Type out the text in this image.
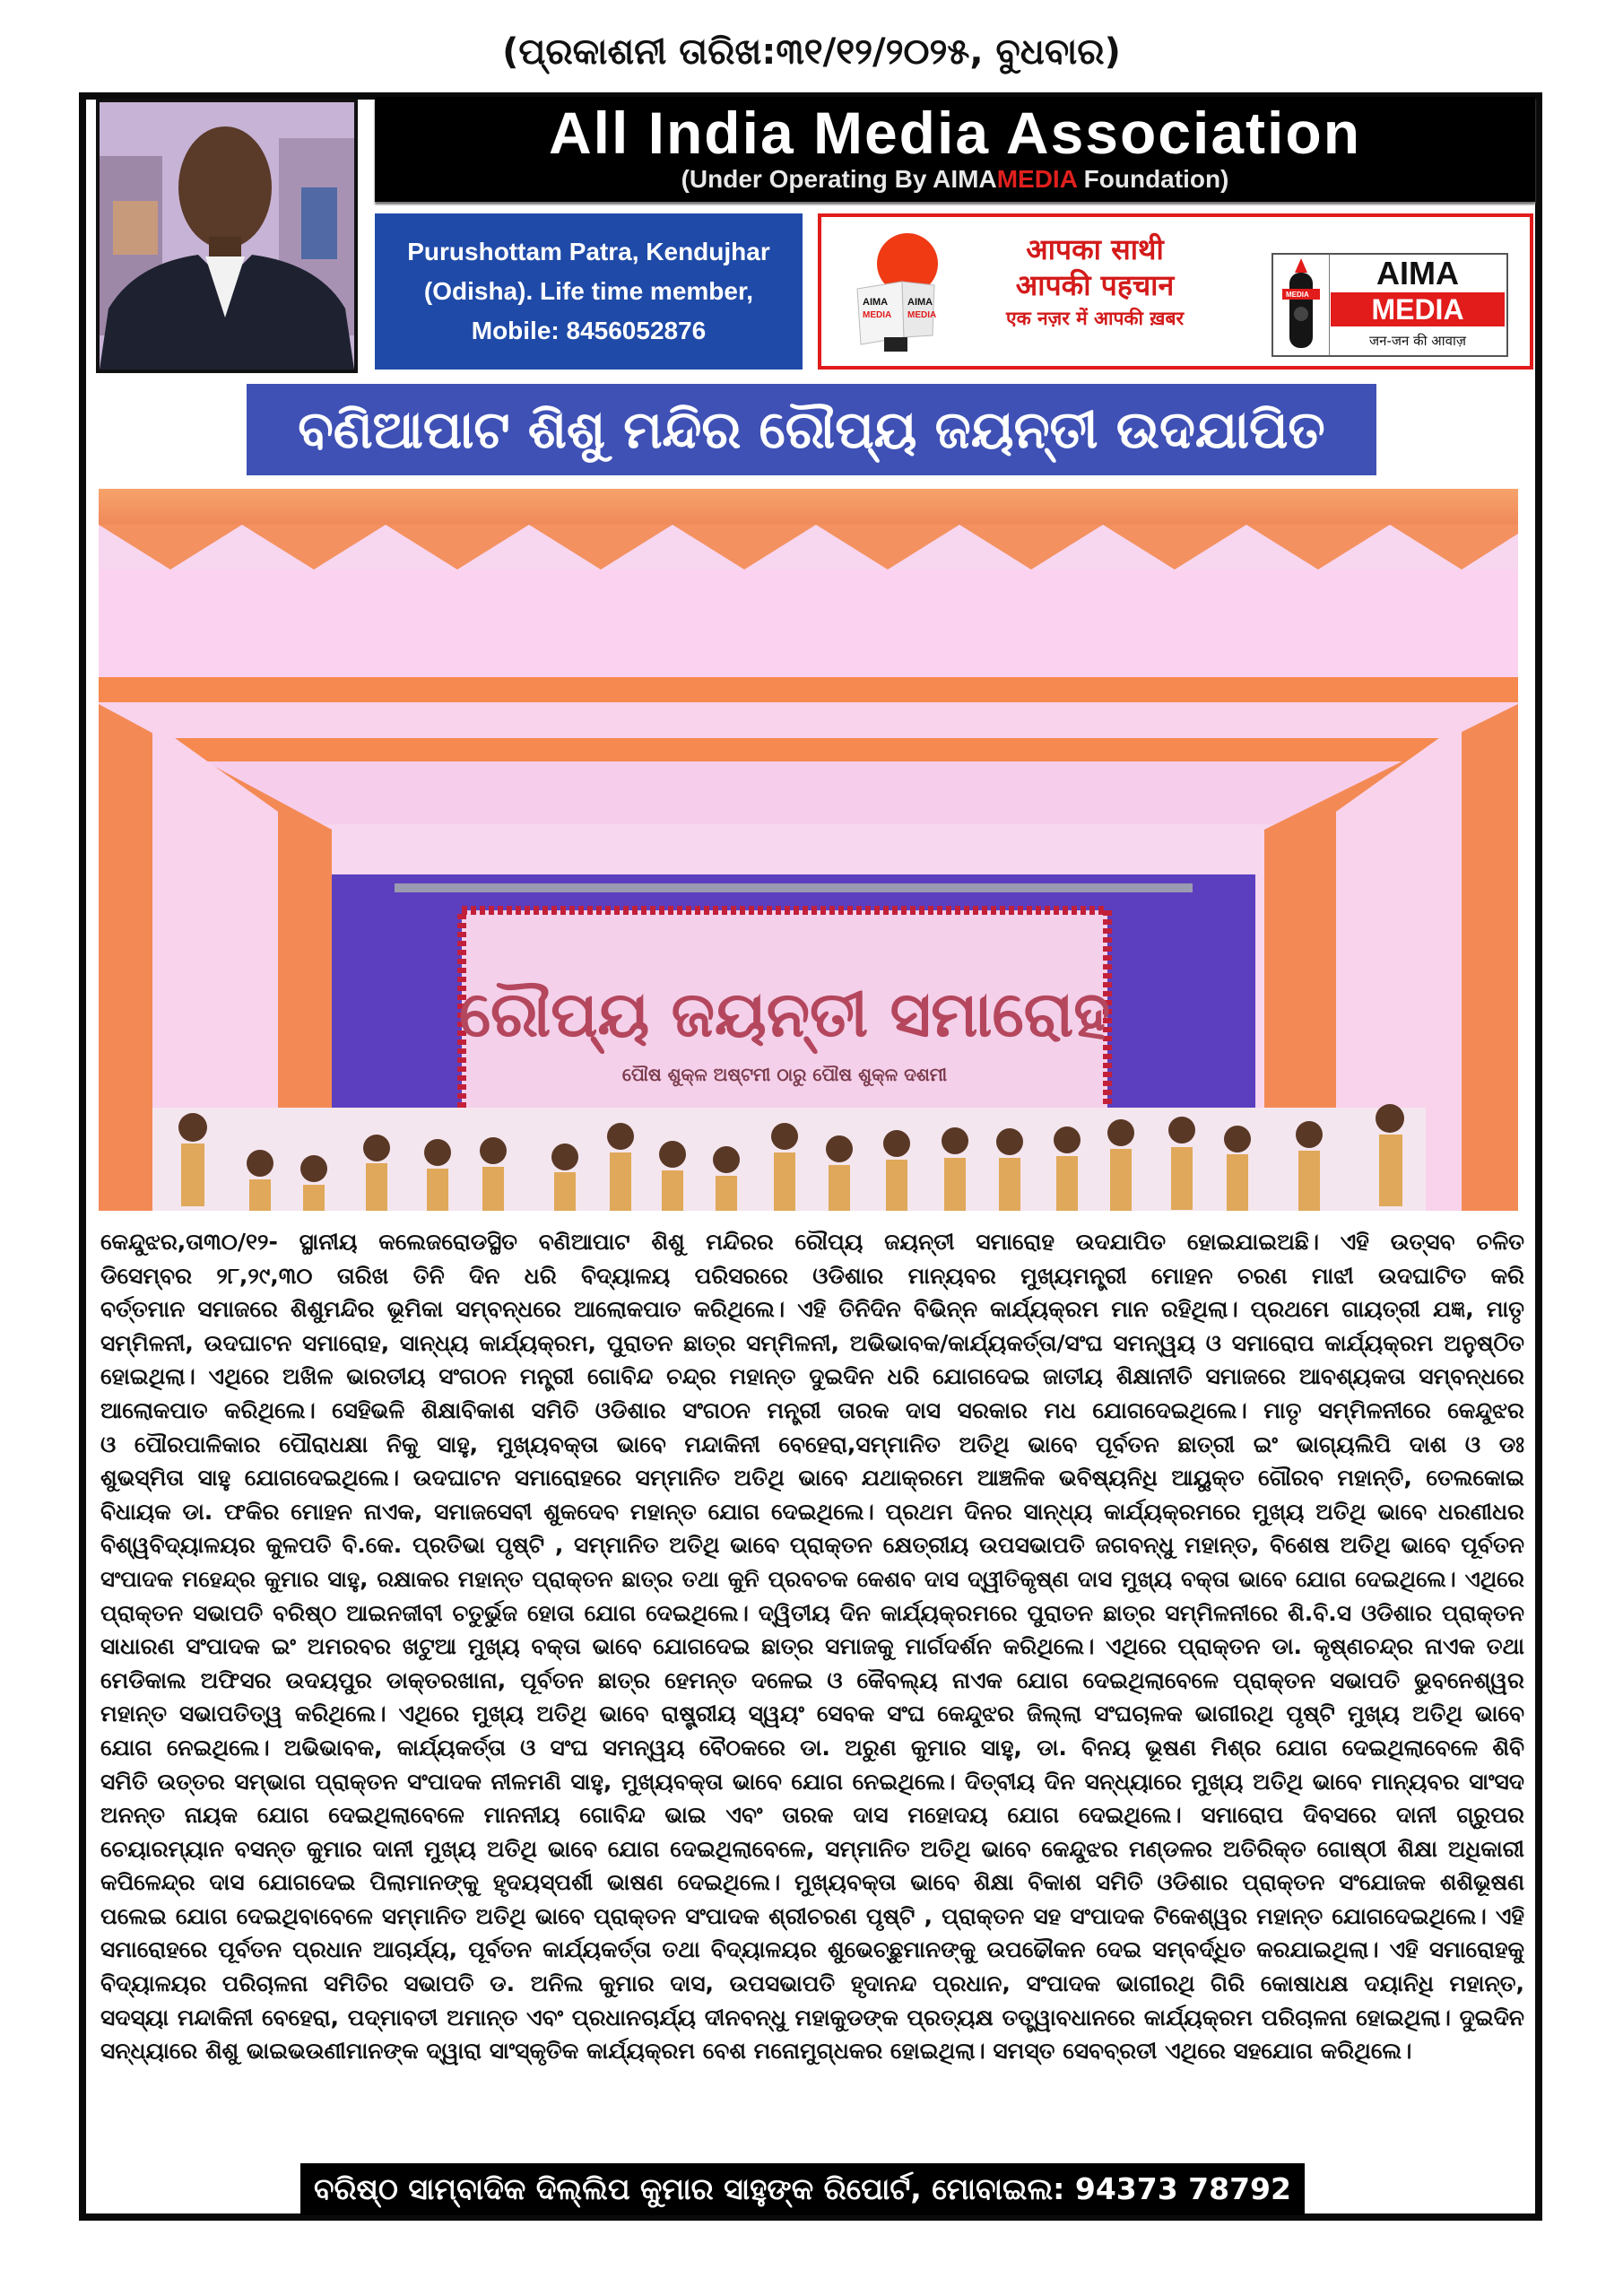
(ପ୍ରକାଶନୀ ତାରିଖ:୩୧/୧୨/୨୦୨୫, ବୁଧବାର)
All India Media Association
(Under Operating By AIMAMEDIA Foundation)
Purushottam Patra, Kendujhar
(Odisha). Life time member,
Mobile: 8456052876
AIMA
MEDIA
AIMA
MEDIA
आपका साथी
आपकी पहचान
एक नज़र में आपकी ख़बर
MEDIA
AIMA
MEDIA
जन-जन की आवाज़
ବଣିଆପାଟ ଶିଶୁ ମନ୍ଦିର ରୌପ୍ୟ ଜୟନ୍ତୀ ଉଦଯାପିତ
ରୌପ୍ୟ ଜୟନ୍ତୀ ସମାରୋହ
ପୌଷ ଶୁକ୍ଳ ଅଷ୍ଟମୀ ଠାରୁ ପୌଷ ଶୁକ୍ଳ ଦଶମୀ
କେନ୍ଦୁଝର,ତା୩୦/୧୨- ସ୍ଥାନୀୟ କଲେଜରୋଡସ୍ଥିତ ବଣିଆପାଟ ଶିଶୁ ମନ୍ଦିରର ରୌପ୍ୟ ଜୟନ୍ତୀ ସମାରୋହ ଉଦଯାପିତ ହୋଇଯାଇଅଛି। ଏହି ଉତ୍ସବ ଚଳିତ
ଡିସେମ୍ବର ୨୮,୨୯,୩୦ ତାରିଖ ତିନି ଦିନ ଧରି ବିଦ୍ୟାଳୟ ପରିସରରେ ଓଡିଶାର ମାନ୍ୟବର ମୁଖ୍ୟମନ୍ତ୍ରୀ ମୋହନ ଚରଣ ମାଝୀ ଉଦଘାଟିତ କରି
ବର୍ତ୍ତମାନ ସମାଜରେ ଶିଶୁମନ୍ଦିର ଭୂମିକା ସମ୍ବନ୍ଧରେ ଆଲୋକପାତ କରିଥିଲେ। ଏହି ତିନିଦିନ ବିଭିନ୍ନ କାର୍ଯ୍ୟକ୍ରମ ମାନ ରହିଥିଲା। ପ୍ରଥମେ ଗାୟତ୍ରୀ ଯଜ୍ଞ, ମାତୃ
ସମ୍ମିଳନୀ, ଉଦଘାଟନ ସମାରୋହ, ସାନ୍ଧ୍ୟ କାର୍ଯ୍ୟକ୍ରମ, ପୁରାତନ ଛାତ୍ର ସମ୍ମିଳନୀ, ଅଭିଭାବକ/କାର୍ଯ୍ୟକର୍ତ୍ତା/ସଂଘ ସମନ୍ୱୟ ଓ ସମାରୋପ କାର୍ଯ୍ୟକ୍ରମ ଅନୁଷ୍ଠିତ
ହୋଇଥିଲା। ଏଥିରେ ଅଖିଳ ଭାରତୀୟ ସଂଗଠନ ମନ୍ତ୍ରୀ ଗୋବିନ୍ଦ ଚନ୍ଦ୍ର ମହାନ୍ତ ଦୁଇଦିନ ଧରି ଯୋଗଦେଇ ଜାତୀୟ ଶିକ୍ଷାନୀତି ସମାଜରେ ଆବଶ୍ୟକତା ସମ୍ବନ୍ଧରେ
ଆଲୋକପାତ କରିଥିଲେ। ସେହିଭଳି ଶିକ୍ଷାବିକାଶ ସମିତି ଓଡିଶାର ସଂଗଠନ ମନ୍ତ୍ରୀ ତାରକ ଦାସ ସରକାର ମଧ ଯୋଗଦେଇଥିଲେ। ମାତୃ ସମ୍ମିଳନୀରେ କେନ୍ଦୁଝର
ଓ ପୌରପାଳିକାର ପୌରାଧକ୍ଷା ନିକୁ ସାହୁ, ମୁଖ୍ୟବକ୍ତା ଭାବେ ମନ୍ଦାକିନୀ ବେହେରା,ସମ୍ମାନିତ ଅତିଥି ଭାବେ ପୂର୍ବତନ ଛାତ୍ରୀ ଇଂ ଭାଗ୍ୟଲିପି ଦାଶ ଓ ଡଃ
ଶୁଭସ୍ମିତା ସାହୁ ଯୋଗଦେଇଥିଲେ। ଉଦଘାଟନ ସମାରୋହରେ ସମ୍ମାନିତ ଅତିଥି ଭାବେ ଯଥାକ୍ରମେ ଆଞ୍ଚଳିକ ଭବିଷ୍ୟନିଧି ଆୟୁକ୍ତ ଗୌରବ ମହାନ୍ତି, ତେଲକୋଇ
ବିଧାୟକ ଡା. ଫକିର ମୋହନ ନାଏକ, ସମାଜସେବୀ ଶୁକଦେବ ମହାନ୍ତ ଯୋଗ ଦେଇଥିଲେ। ପ୍ରଥମ ଦିନର ସାନ୍ଧ୍ୟ କାର୍ଯ୍ୟକ୍ରମରେ ମୁଖ୍ୟ ଅତିଥି ଭାବେ ଧରଣୀଧର
ବିଶ୍ୱବିଦ୍ୟାଳୟର କୁଳପତି ବି.କେ. ପ୍ରତିଭା ପୃଷ୍ଟି , ସମ୍ମାନିତ ଅତିଥି ଭାବେ ପ୍ରାକ୍ତନ କ୍ଷେତ୍ରୀୟ ଉପସଭାପତି ଜଗବନ୍ଧୁ ମହାନ୍ତ, ବିଶେଷ ଅତିଥି ଭାବେ ପୂର୍ବତନ
ସଂପାଦକ ମହେନ୍ଦ୍ର କୁମାର ସାହୁ, ରକ୍ଷାକର ମହାନ୍ତ ପ୍ରାକ୍ତନ ଛାତ୍ର ତଥା କୁନି ପ୍ରବଚକ କେଶବ ଦାସ ଦ୍ୱୀତିକୃଷ୍ଣ ଦାସ ମୁଖ୍ୟ ବକ୍ତା ଭାବେ ଯୋଗ ଦେଇଥିଲେ। ଏଥିରେ
ପ୍ରାକ୍ତନ ସଭାପତି ବରିଷ୍ଠ ଆଇନଜୀବୀ ଚତୁର୍ଭୁଜ ହୋତା ଯୋଗ ଦେଇଥିଲେ। ଦ୍ୱିତୀୟ ଦିନ କାର୍ଯ୍ୟକ୍ରମରେ ପୁରାତନ ଛାତ୍ର ସମ୍ମିଳନୀରେ ଶି.ବି.ସ ଓଡିଶାର ପ୍ରାକ୍ତନ
ସାଧାରଣ ସଂପାଦକ ଇଂ ଅମରବର ଖଟୁଆ ମୁଖ୍ୟ ବକ୍ତା ଭାବେ ଯୋଗଦେଇ ଛାତ୍ର ସମାଜକୁ ମାର୍ଗଦର୍ଶନ କରିଥିଲେ। ଏଥିରେ ପ୍ରାକ୍ତନ ଡା. କୃଷ୍ଣଚନ୍ଦ୍ର ନାଏକ ତଥା
ମେଡିକାଲ ଅଫିସର ଉଦୟପୁର ଡାକ୍ତରଖାନା, ପୂର୍ବତନ ଛାତ୍ର ହେମନ୍ତ ଦଳେଇ ଓ କୈବଲ୍ୟ ନାଏକ ଯୋଗ ଦେଇଥିଲାବେଳେ ପ୍ରାକ୍ତନ ସଭାପତି ଭୁବନେଶ୍ୱର
ମହାନ୍ତ ସଭାପତିତ୍ୱ କରିଥିଲେ। ଏଥିରେ ମୁଖ୍ୟ ଅତିଥି ଭାବେ ରାଷ୍ଟ୍ରୀୟ ସ୍ୱୟଂ ସେବକ ସଂଘ କେନ୍ଦୁଝର ଜିଲ୍ଲା ସଂଘଚାଳକ ଭାଗୀରଥି ପୃଷ୍ଟି ମୁଖ୍ୟ ଅତିଥି ଭାବେ
ଯୋଗ ନେଇଥିଲେ। ଅଭିଭାବକ, କାର୍ଯ୍ୟକର୍ତ୍ତା ଓ ସଂଘ ସମନ୍ୱୟ ବୈଠକରେ ଡା. ଅରୁଣ କୁମାର ସାହୁ, ଡା. ବିନୟ ଭୂଷଣ ମିଶ୍ର ଯୋଗ ଦେଇଥିଲାବେଳେ ଶିବି
ସମିତି ଉତ୍ତର ସମ୍ଭାଗ ପ୍ରାକ୍ତନ ସଂପାଦକ ନୀଳମଣି ସାହୁ, ମୁଖ୍ୟବକ୍ତା ଭାବେ ଯୋଗ ନେଇଥିଲେ। ଦିତ୍ବୀୟ ଦିନ ସନ୍ଧ୍ୟାରେ ମୁଖ୍ୟ ଅତିଥି ଭାବେ ମାନ୍ୟବର ସାଂସଦ
ଅନନ୍ତ ନାୟକ ଯୋଗ ଦେଇଥିଲାବେଳେ ମାନନୀୟ ଗୋବିନ୍ଦ ଭାଇ ଏବଂ ତାରକ ଦାସ ମହୋଦୟ ଯୋଗ ଦେଇଥିଲେ। ସମାରୋପ ଦିବସରେ ଦାନୀ ଗ୍ରୁପର
ଚେୟାରମ୍ୟାନ ବସନ୍ତ କୁମାର ଦାନୀ ମୁଖ୍ୟ ଅତିଥି ଭାବେ ଯୋଗ ଦେଇଥିଲାବେଳେ, ସମ୍ମାନିତ ଅତିଥି ଭାବେ କେନ୍ଦୁଝର ମଣ୍ଡଳର ଅତିରିକ୍ତ ଗୋଷ୍ଠୀ ଶିକ୍ଷା ଅଧିକାରୀ
କପିଳେନ୍ଦ୍ର ଦାସ ଯୋଗଦେଇ ପିଲାମାନଙ୍କୁ ହୃଦୟସ୍ପର୍ଶୀ ଭାଷଣ ଦେଇଥିଲେ। ମୁଖ୍ୟବକ୍ତା ଭାବେ ଶିକ୍ଷା ବିକାଶ ସମିତି ଓଡିଶାର ପ୍ରାକ୍ତନ ସଂଯୋଜକ ଶଶିଭୂଷଣ
ପଲେଇ ଯୋଗ ଦେଇଥିବାବେଳେ ସମ୍ମାନିତ ଅତିଥି ଭାବେ ପ୍ରାକ୍ତନ ସଂପାଦକ ଶ୍ରୀଚରଣ ପୃଷ୍ଟି , ପ୍ରାକ୍ତନ ସହ ସଂପାଦକ ଟିକେଶ୍ୱର ମହାନ୍ତ ଯୋଗଦେଇଥିଲେ। ଏହି
ସମାରୋହରେ ପୂର୍ବତନ ପ୍ରଧାନ ଆଚାର୍ଯ୍ୟ, ପୂର୍ବତନ କାର୍ଯ୍ୟକର୍ତ୍ତା ତଥା ବିଦ୍ୟାଳୟର ଶୁଭେଚ୍ଛୁମାନଙ୍କୁ ଉପଢୌକନ ଦେଇ ସମ୍ବର୍ଦ୍ଧିତ କରଯାଇଥିଲା। ଏହି ସମାରୋହକୁ
ବିଦ୍ୟାଳୟର ପରିଚାଳନା ସମିତିର ସଭାପତି ଡ. ଅନିଲ କୁମାର ଦାସ, ଉପସଭାପତି ହୃଦାନନ୍ଦ ପ୍ରଧାନ, ସଂପାଦକ ଭାଗୀରଥି ଗିରି କୋଷାଧକ୍ଷ ଦୟାନିଧି ମହାନ୍ତ,
ସଦସ୍ୟା ମନ୍ଦାକିନୀ ବେହେରା, ପଦ୍ମାବତୀ ଅମାନ୍ତ ଏବଂ ପ୍ରଧାନଚାର୍ଯ୍ୟ ଦୀନବନ୍ଧୁ ମହାକୁଡଙ୍କ ପ୍ରତ୍ୟକ୍ଷ ତତ୍ତ୍ୱାବଧାନରେ କାର୍ଯ୍ୟକ୍ରମ ପରିଚାଳନା ହୋଇଥିଲା। ଦୁଇଦିନ
ସନ୍ଧ୍ୟାରେ ଶିଶୁ ଭାଇଭଉଣୀମାନଙ୍କ ଦ୍ୱାରା ସାଂସ୍କୃତିକ କାର୍ଯ୍ୟକ୍ରମ ବେଶ ମନୋମୁଗ୍ଧକର ହୋଇଥିଲା। ସମସ୍ତ ସେବବ୍ରତୀ ଏଥିରେ ସହଯୋଗ କରିଥିଲେ।
ବରିଷ୍ଠ ସାମ୍ବାଦିକ ଦିଲ୍ଲିପ କୁମାର ସାହୁଙ୍କ ରିପୋର୍ଟ, ମୋବାଇଲ: 94373 78792
